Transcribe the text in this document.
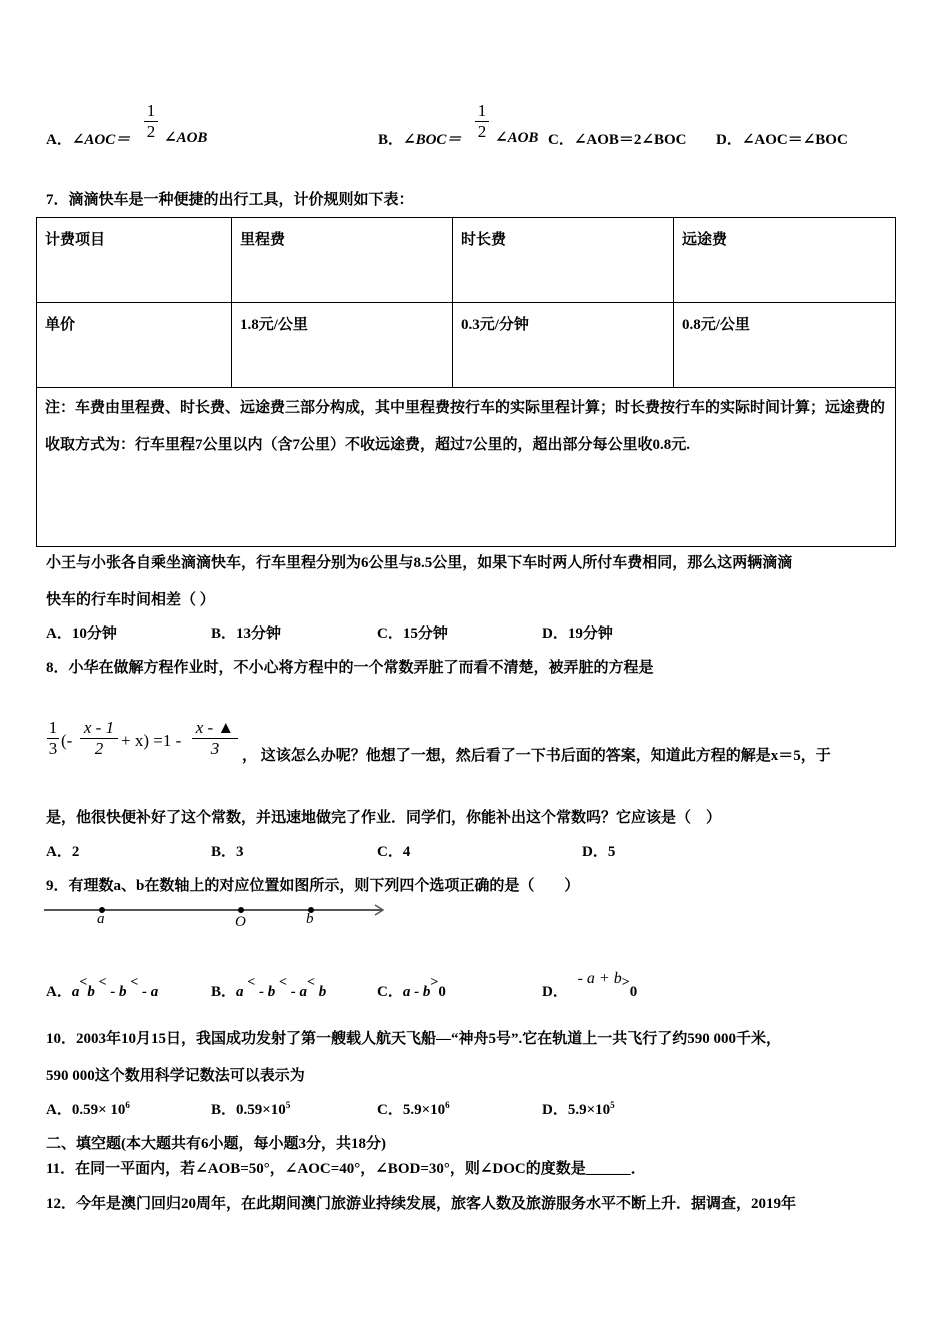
A．∠AOC＝ $\frac{1}{2}$ ∠AOB	B．∠BOC＝ $\frac{1}{2}$ ∠AOB C．∠AOB＝2∠BOC D．∠AOC＝∠BOC
7．滴滴快车是一种便捷的出行工具，计价规则如下表：
计费项目	里程费	时长费	远途费
单价	1.8元/公里	0.3元/分钟	0.8元/公里
注：车费由里程费、时长费、远途费三部分构成，其中里程费按行车的实际里程计算；时长费按行车的实际时间计算；远途费的收取方式为：行车里程7公里以内（含7公里）不收远途费，超过7公里的，超出部分每公里收0.8元.			
小王与小张各自乘坐滴滴快车，行车里程分别为6公里与8.5公里，如果下车时两人所付车费相同，那么这两辆滴滴
快车的行车时间相差（ ）
A．10分钟	B．13分钟	C．15分钟	D．19分钟
8．小华在做解方程作业时，不小心将方程中的一个常数弄脏了而看不清楚，被弄脏的方程是
$\frac{1}{3}$ (- $\frac{x - 1}{2} + x) =1 - \frac{x - ▲}{3}$ ， 这该怎么办呢？他想了一想，然后看了一下书后面的答案，知道此方程的解是x＝5，于
是，他很快便补好了这个常数，并迅速地做完了作业．同学们，你能补出这个常数吗？它应该是（　）
A．2	B．3	C．4	D．5
9．有理数a、b在数轴上的对应位置如图所示，则下列四个选项正确的是（　　）
a	O	b
A．a<b < - b < - a	B．a < - b < - a< b	C．a - b>0	D． - a + b>0
10．2003年10月15日，我国成功发射了第一艘载人航天飞船—“神舟5号”.它在轨道上一共飞行了约590 000千米，
590 000这个数用科学记数法可以表示为
A．$0.59\times 10^6$	B．$0.59\times 10^5$	C．$5.9\times 10^6$	D．$5.9\times 10^5$
二、填空题(本大题共有6小题，每小题3分，共18分)
11．在同一平面内，若∠AOB=50°，∠AOC=40°，∠BOD=30°，则∠DOC的度数是______．
12．今年是澳门回归20周年，在此期间澳门旅游业持续发展，旅客人数及旅游服务水平不断上升．据调查，2019年
